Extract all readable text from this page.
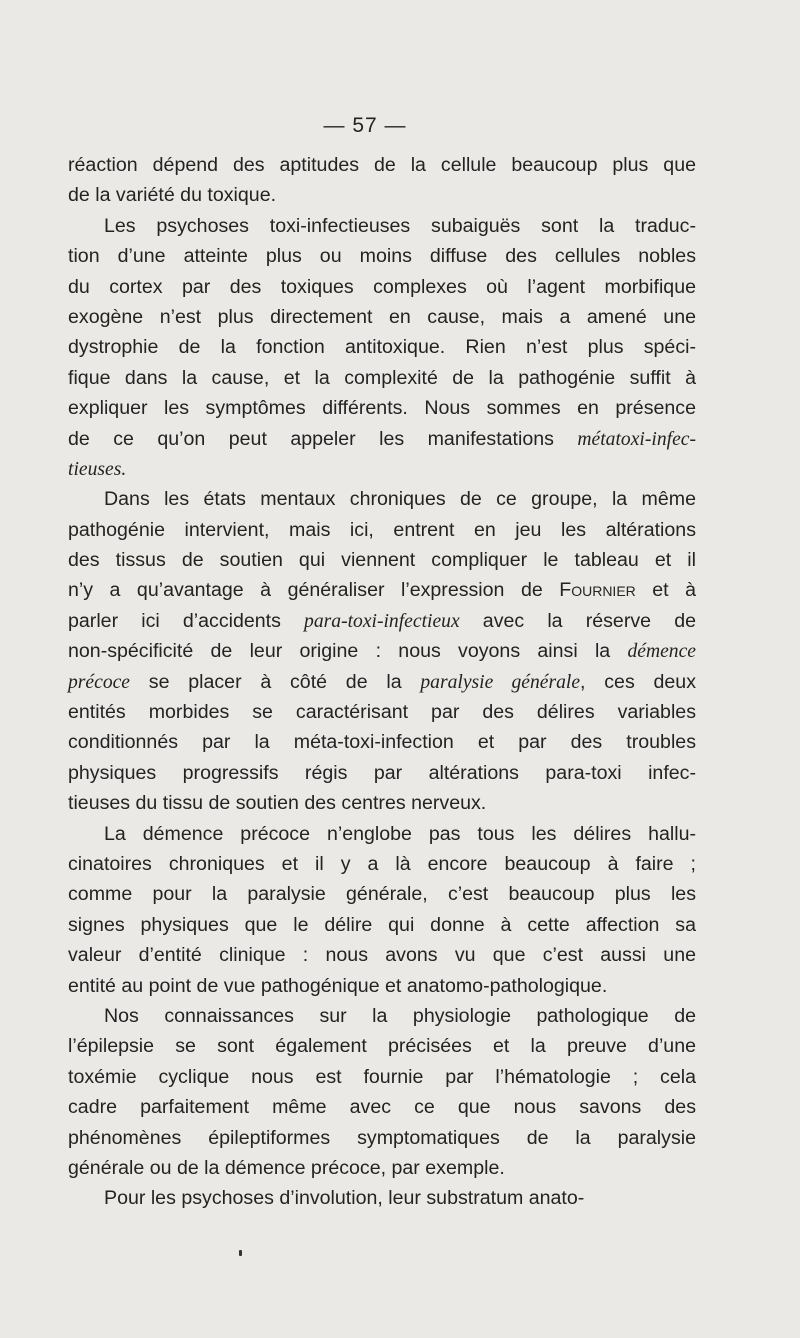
— 57 —
réaction dépend des aptitudes de la cellule beaucoup plus que
de la variété du toxique.
Les psychoses toxi-infectieuses subaiguës sont la traduc-
tion d’une atteinte plus ou moins diffuse des cellules nobles
du cortex par des toxiques complexes où l’agent morbifique
exogène n’est plus directement en cause, mais a amené une
dystrophie de la fonction antitoxique. Rien n’est plus spéci-
fique dans la cause, et la complexité de la pathogénie suffit à
expliquer les symptômes différents. Nous sommes en présence
de ce qu’on peut appeler les manifestations métatoxi-infec-
tieuses.
Dans les états mentaux chroniques de ce groupe, la même
pathogénie intervient, mais ici, entrent en jeu les altérations
des tissus de soutien qui viennent compliquer le tableau et il
n’y a qu’avantage à généraliser l’expression de Fournier et à
parler ici d’accidents para-toxi-infectieux avec la réserve de
non-spécificité de leur origine : nous voyons ainsi la démence
précoce se placer à côté de la paralysie générale, ces deux
entités morbides se caractérisant par des délires variables
conditionnés par la méta-toxi-infection et par des troubles
physiques progressifs régis par altérations para-toxi infec-
tieuses du tissu de soutien des centres nerveux.
La démence précoce n’englobe pas tous les délires hallu-
cinatoires chroniques et il y a là encore beaucoup à faire ;
comme pour la paralysie générale, c’est beaucoup plus les
signes physiques que le délire qui donne à cette affection sa
valeur d’entité clinique : nous avons vu que c’est aussi une
entité au point de vue pathogénique et anatomo-pathologique.
Nos connaissances sur la physiologie pathologique de
l’épilepsie se sont également précisées et la preuve d’une
toxémie cyclique nous est fournie par l’hématologie ; cela
cadre parfaitement même avec ce que nous savons des
phénomènes épileptiformes symptomatiques de la paralysie
générale ou de la démence précoce, par exemple.
Pour les psychoses d’involution, leur substratum anato-
